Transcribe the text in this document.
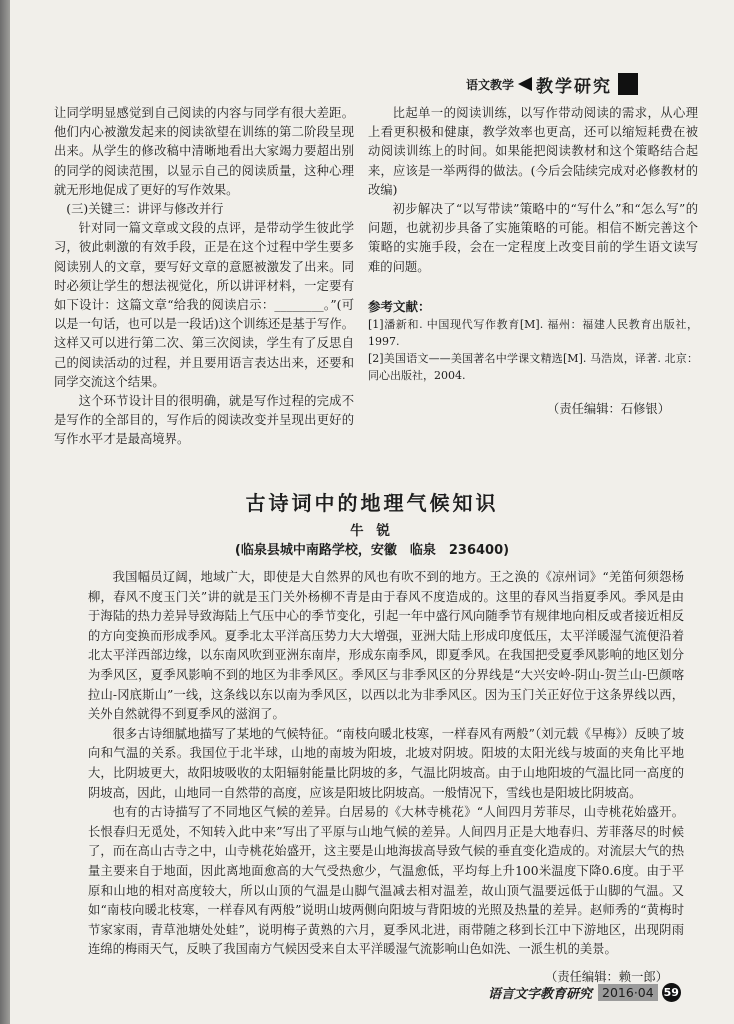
语文教学 教学研究

让同学明显感觉到自己阅读的内容与同学有很大差距。他们内心被激发起来的阅读欲望在训练的第二阶段呈现出来。从学生的修改稿中清晰地看出大家竭力要超出别的同学的阅读范围，以显示自己的阅读质量，这种心理就无形地促成了更好的写作效果。

(三)关键三：讲评与修改并行

针对同一篇文章或文段的点评，是带动学生彼此学习，彼此刺激的有效手段，正是在这个过程中学生要多阅读别人的文章，要写好文章的意愿被激发了出来。同时必须让学生的想法视觉化，所以讲评材料，一定要有如下设计：这篇文章“给我的阅读启示：________。”(可以是一句话，也可以是一段话)这个训练还是基于写作。这样又可以进行第二次、第三次阅读，学生有了反思自己的阅读活动的过程，并且要用语言表达出来，还要和同学交流这个结果。

这个环节设计目的很明确，就是写作过程的完成不是写作的全部目的，写作后的阅读改变并呈现出更好的写作水平才是最高境界。

比起单一的阅读训练，以写作带动阅读的需求，从心理上看更积极和健康，教学效率也更高，还可以缩短耗费在被动阅读训练上的时间。如果能把阅读教材和这个策略结合起来，应该是一举两得的做法。(今后会陆续完成对必修教材的改编)

初步解决了“以写带读”策略中的“写什么”和“怎么写”的问题，也就初步具备了实施策略的可能。相信不断完善这个策略的实施手段，会在一定程度上改变目前的学生语文读写难的问题。

参考文献：

[1]潘新和. 中国现代写作教育[M]. 福州：福建人民教育出版社，1997.

[2]美国语文——美国著名中学课文精选[M]. 马浩岚，译著. 北京：同心出版社，2004.

（责任编辑：石修银）

古诗词中的地理气候知识
牛 锐
(临泉县城中南路学校，安徽　临泉　236400)

我国幅员辽阔，地域广大，即使是大自然界的风也有吹不到的地方。王之涣的《凉州词》“羌笛何须怨杨柳，春风不度玉门关”讲的就是玉门关外杨柳不青是由于春风不度造成的。这里的春风当指夏季风。季风是由于海陆的热力差异导致海陆上气压中心的季节变化，引起一年中盛行风向随季节有规律地向相反或者接近相反的方向变换而形成季风。夏季北太平洋高压势力大大增强，亚洲大陆上形成印度低压，太平洋暖湿气流便沿着北太平洋西部边缘，以东南风吹到亚洲东南岸，形成东南季风，即夏季风。在我国把受夏季风影响的地区划分为季风区，夏季风影响不到的地区为非季风区。季风区与非季风区的分界线是“大兴安岭-阴山-贺兰山-巴颜喀拉山-冈底斯山”一线，这条线以东以南为季风区，以西以北为非季风区。因为玉门关正好位于这条界线以西，关外自然就得不到夏季风的滋润了。

很多古诗细腻地描写了某地的气候特征。“南枝向暖北枝寒，一样春风有两般”（刘元载《早梅》）反映了坡向和气温的关系。我国位于北半球，山地的南坡为阳坡，北坡对阴坡。阳坡的太阳光线与坡面的夹角比平地大，比阴坡更大，故阳坡吸收的太阳辐射能量比阴坡的多，气温比阴坡高。由于山地阳坡的气温比同一高度的阴坡高，因此，山地同一自然带的高度，应该是阳坡比阴坡高。一般情况下，雪线也是阳坡比阴坡高。

也有的古诗描写了不同地区气候的差异。白居易的《大林寺桃花》“人间四月芳菲尽，山寺桃花始盛开。长恨春归无觅处，不知转入此中来”写出了平原与山地气候的差异。人间四月正是大地春归、芳菲落尽的时候了，而在高山古寺之中，山寺桃花始盛开，这主要是山地海拔高导致气候的垂直变化造成的。对流层大气的热量主要来自于地面，因此离地面愈高的大气受热愈少，气温愈低，平均每上升100米温度下降0.6度。由于平原和山地的相对高度较大，所以山顶的气温是山脚气温减去相对温差，故山顶气温要远低于山脚的气温。又如“南枝向暖北枝寒，一样春风有两般”说明山坡两侧向阳坡与背阳坡的光照及热量的差异。赵师秀的“黄梅时节家家雨，青草池塘处处蛙”，说明梅子黄熟的六月，夏季风北进，雨带随之移到长江中下游地区，出现阴雨连绵的梅雨天气，反映了我国南方气候因受来自太平洋暖湿气流影响山色如洗、一派生机的美景。

（责任编辑：赖一郎）

语言文字教育研究 2016·04 59
